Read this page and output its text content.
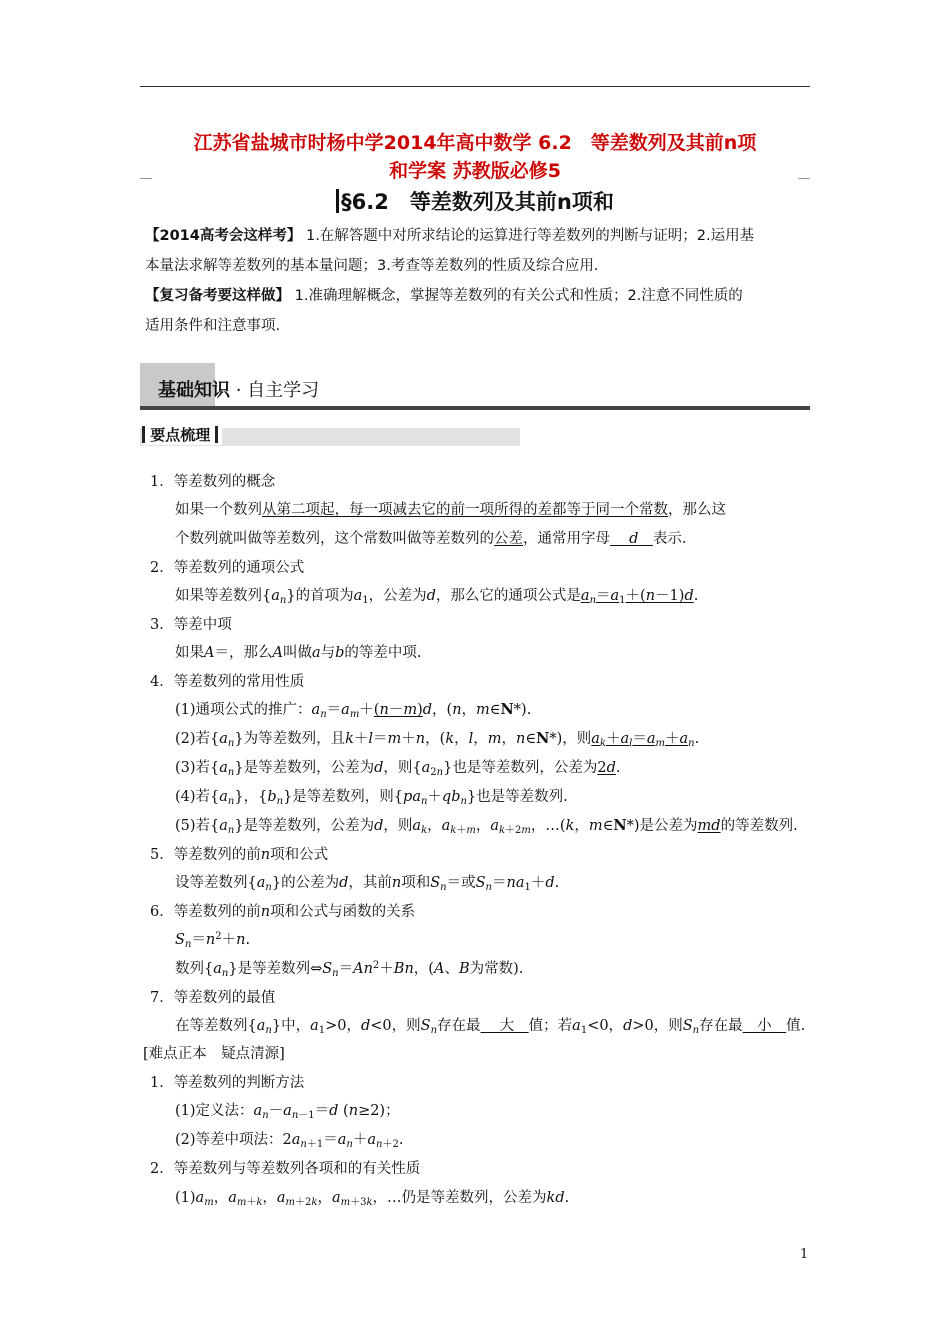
江苏省盐城市时杨中学2014年高中数学 6.2　等差数列及其前n项
和学案 苏教版必修5
§6.2　等差数列及其前n项和
【2014高考会这样考】 1.在解答题中对所求结论的运算进行等差数列的判断与证明；2.运用基
本量法求解等差数列的基本量问题；3.考查等差数列的性质及综合应用.
【复习备考要这样做】 1.准确理解概念，掌握等差数列的有关公式和性质；2.注意不同性质的
适用条件和注意事项.
基础知识 · 自主学习
要点梳理
1．等差数列的概念
如果一个数列从第二项起，每一项减去它的前一项所得的差都等于同一个常数，那么这
个数列就叫做等差数列，这个常数叫做等差数列的公差，通常用字母　 d　 表示.
2．等差数列的通项公式
如果等差数列$\{a_n\}$的首项为$a_1$，公差为d，那么它的通项公式是$a_n=a_1+(n-1)d$.
3．等差中项
如果A＝，那么A叫做a与b的等差中项.
4．等差数列的常用性质
(1)通项公式的推广：$a_n=a_m+(n-m)d$，(n，m∈N*).
(2)若$\{a_n\}$为等差数列，且k＋l＝m＋n，(k，l，m，n∈N*)，则$a_k+a_l=a_m+a_n$.
(3)若$\{a_n\}$是等差数列，公差为d，则$\{a_{2n}\}$也是等差数列，公差为2d.
(4)若$\{a_n\}$，$\{b_n\}$是等差数列，则$\{pa_n+qb_n\}$也是等差数列.
(5)若$\{a_n\}$是等差数列，公差为d，则$a_k$，$a_{k+m}$，$a_{k+2m}$，…(k，m∈N*)是公差为md的等差数列.
5．等差数列的前n项和公式
设等差数列$\{a_n\}$的公差为d，其前n项和$S_n=$或$S_n=na_1+d$.
6．等差数列的前n项和公式与函数的关系
$S_n=n^2+n$.
数列$\{a_n\}$是等差数列$\Leftrightarrow S_n=An^2+Bn$，(A、B为常数).
7．等差数列的最值
在等差数列$\{a_n\}$中，$a_1>0$，d<0，则$S_n$存在最　 大　值；若$a_1<0$，d>0，则$S_n$存在最　小　值.
[难点正本　疑点清源]
1．等差数列的判断方法
(1)定义法：$a_n-a_{n-1}=d$ (n≥2)；
(2)等差中项法：$2a_{n+1}=a_n+a_{n+2}$.
2．等差数列与等差数列各项和的有关性质
$(1)a_m$，$a_{m+k}$，$a_{m+2k}$，$a_{m+3k}$，…仍是等差数列，公差为kd.
1
